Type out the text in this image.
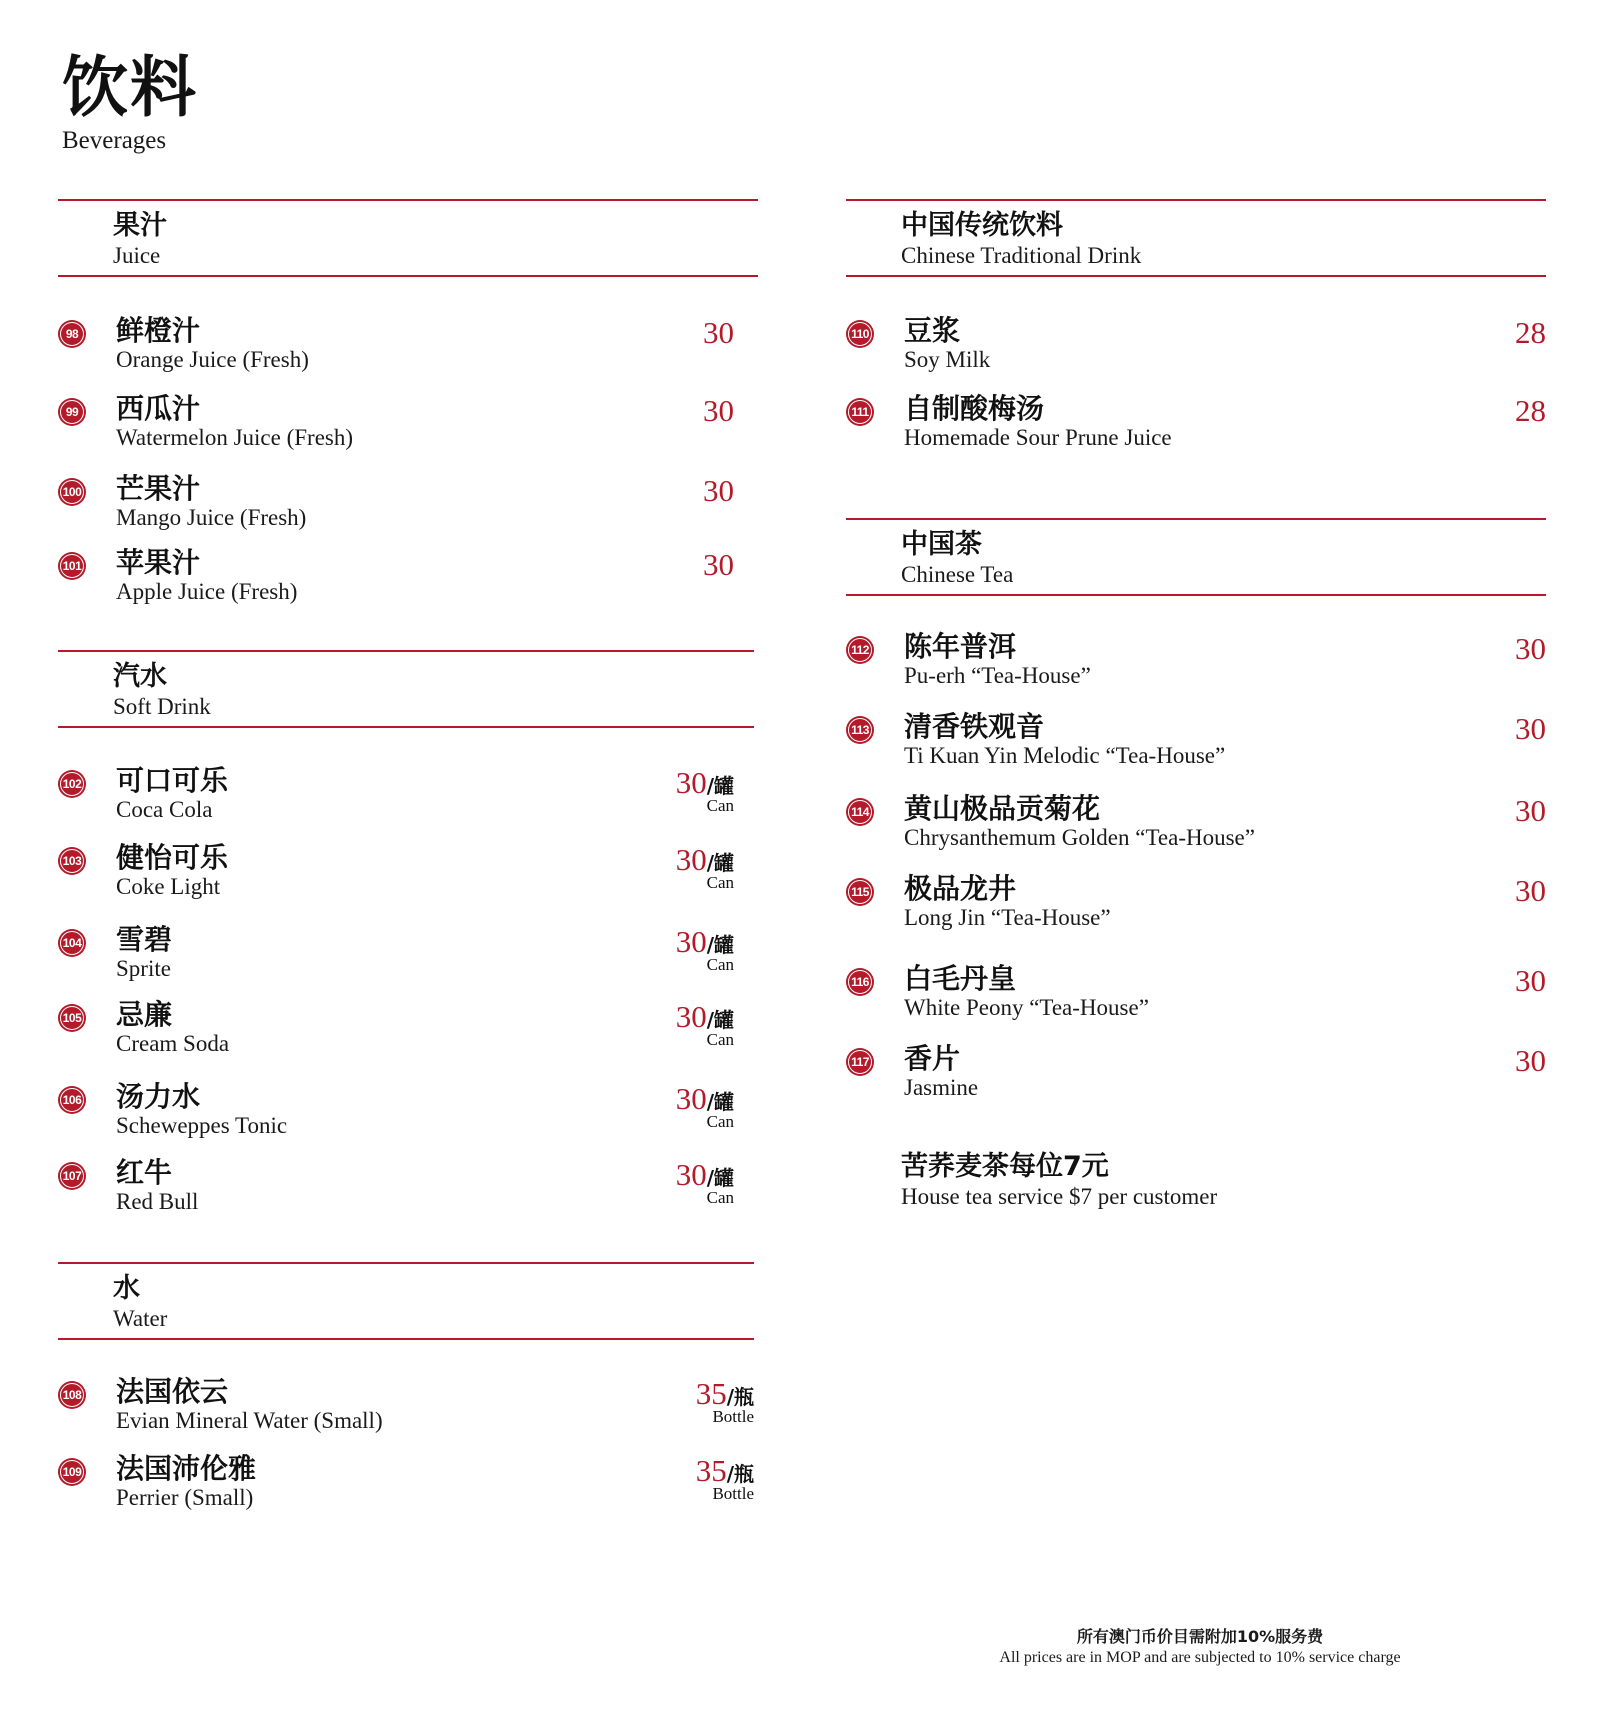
饮料
Beverages
果汁
Juice
98 鲜橙汁
Orange Juice (Fresh)
30
99 西瓜汁
Watermelon Juice (Fresh)
30
100 芒果汁
Mango Juice (Fresh)
30
101 苹果汁
Apple Juice (Fresh)
30
汽水
Soft Drink
102 可口可乐
Coca Cola
30/罐
Can
103 健怡可乐
Coke Light
30/罐
Can
104 雪碧
Sprite
30/罐
Can
105 忌廉
Cream Soda
30/罐
Can
106 汤力水
Scheweppes Tonic
30/罐
Can
107 红牛
Red Bull
30/罐
Can
水
Water
108 法国依云
Evian Mineral Water (Small)
35/瓶
Bottle
109 法国沛伦雅
Perrier (Small)
35/瓶
Bottle
中国传统饮料
Chinese Traditional Drink
110 豆浆
Soy Milk
28
111 自制酸梅汤
Homemade Sour Prune Juice
28
中国茶
Chinese Tea
112 陈年普洱
Pu-erh “Tea-House”
30
113 清香铁观音
Ti Kuan Yin Melodic “Tea-House”
30
114 黄山极品贡菊花
Chrysanthemum Golden “Tea-House”
30
115 极品龙井
Long Jin “Tea-House”
30
116 白毛丹皇
White Peony “Tea-House”
30
117 香片
Jasmine
30
苦荞麦茶每位7元
House tea service $7 per customer
所有澳门币价目需附加10%服务费
All prices are in MOP and are subjected to 10% service charge
